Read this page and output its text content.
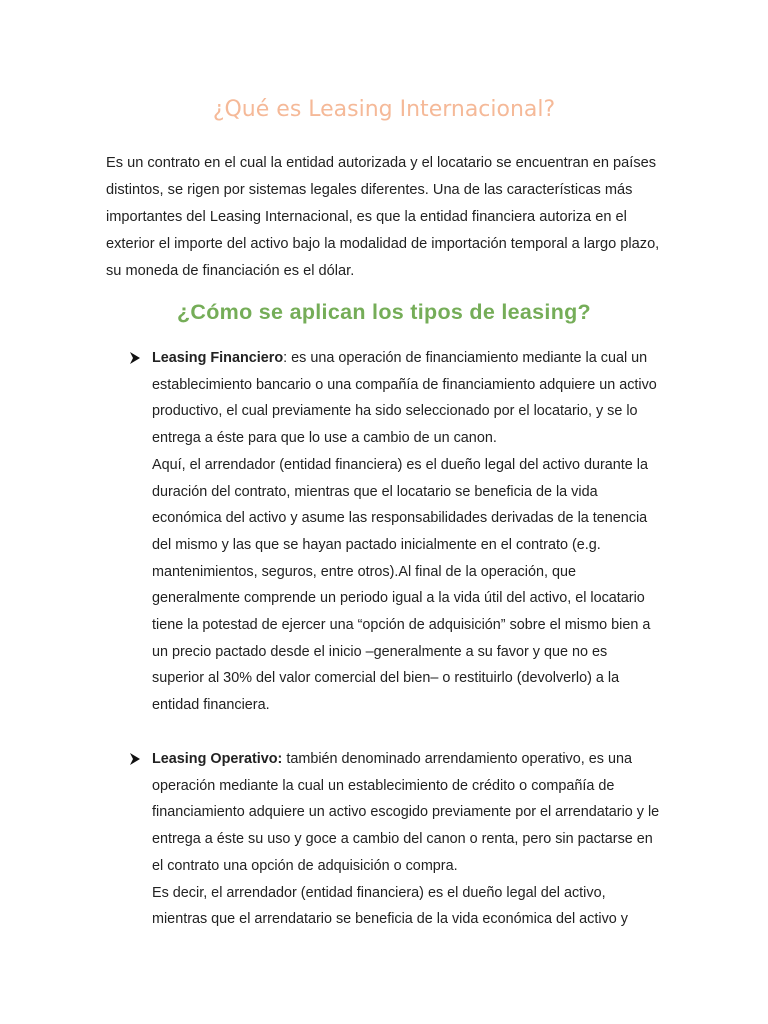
¿Qué es Leasing Internacional?

Es un contrato en el cual la entidad autorizada y el locatario se encuentran en países distintos, se rigen por sistemas legales diferentes. Una de las características más importantes del Leasing Internacional, es que la entidad financiera autoriza en el exterior el importe del activo bajo la modalidad de importación temporal a largo plazo, su moneda de financiación es el dólar.

¿Cómo se aplican los tipos de leasing?

Leasing Financiero: es una operación de financiamiento mediante la cual un establecimiento bancario o una compañía de financiamiento adquiere un activo productivo, el cual previamente ha sido seleccionado por el locatario, y se lo entrega a éste para que lo use a cambio de un canon.

Aquí, el arrendador (entidad financiera) es el dueño legal del activo durante la duración del contrato, mientras que el locatario se beneficia de la vida económica del activo y asume las responsabilidades derivadas de la tenencia del mismo y las que se hayan pactado inicialmente en el contrato (e.g. mantenimientos, seguros, entre otros).Al final de la operación, que generalmente comprende un periodo igual a la vida útil del activo, el locatario tiene la potestad de ejercer una “opción de adquisición” sobre el mismo bien a un precio pactado desde el inicio –generalmente a su favor y que no es superior al 30% del valor comercial del bien– o restituirlo (devolverlo) a la entidad financiera.

Leasing Operativo: también denominado arrendamiento operativo, es una operación mediante la cual un establecimiento de crédito o compañía de financiamiento adquiere un activo escogido previamente por el arrendatario y le entrega a éste su uso y goce a cambio del canon o renta, pero sin pactarse en el contrato una opción de adquisición o compra.

Es decir, el arrendador (entidad financiera) es el dueño legal del activo, mientras que el arrendatario se beneficia de la vida económica del activo y
